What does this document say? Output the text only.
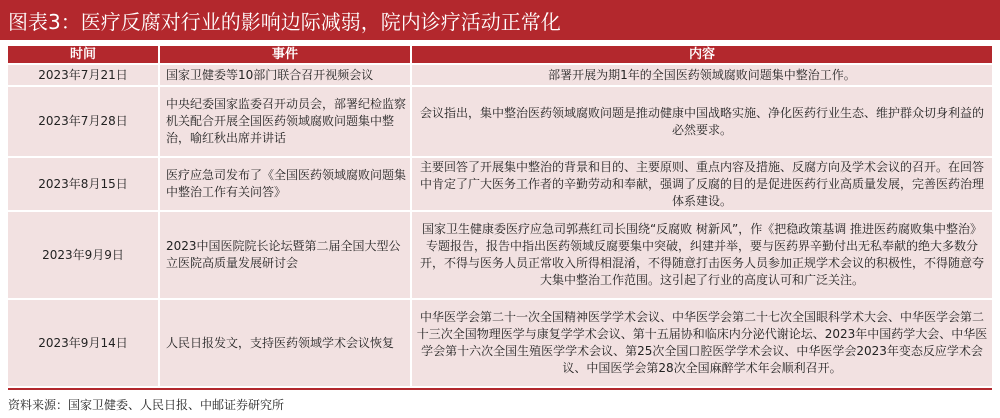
图表3：医疗反腐对行业的影响边际减弱，院内诊疗活动正常化
时间	事件	内容
2023年7月21日	国家卫健委等10部门联合召开视频会议	部署开展为期1年的全国医药领域腐败问题集中整治工作。
2023年7月28日	中央纪委国家监委召开动员会，部署纪检监察机关配合开展全国医药领域腐败问题集中整治，喻红秋出席并讲话	会议指出，集中整治医药领域腐败问题是推动健康中国战略实施、净化医药行业生态、维护群众切身利益的必然要求。
2023年8月15日	医疗应急司发布了《全国医药领域腐败问题集中整治工作有关问答》	主要回答了开展集中整治的背景和目的、主要原则、重点内容及措施、反腐方向及学术会议的召开。在回答中肯定了广大医务工作者的辛勤劳动和奉献，强调了反腐的目的是促进医药行业高质量发展，完善医药治理体系建设。
2023年9月9日	2023中国医院院长论坛暨第二届全国大型公立医院高质量发展研讨会	国家卫生健康委医疗应急司郭燕红司长围绕“反腐败 树新风”，作《把稳政策基调 推进医药腐败集中整治》专题报告，报告中指出医药领域反腐要集中突破，纠建并举，要与医药界辛勤付出无私奉献的绝大多数分开，不得与医务人员正常收入所得相混淆，不得随意打击医务人员参加正规学术会议的积极性，不得随意夸大集中整治工作范围。这引起了行业的高度认可和广泛关注。
2023年9月14日	人民日报发文，支持医药领域学术会议恢复	中华医学会第二十一次全国精神医学学术会议、中华医学会第二十七次全国眼科学术大会、中华医学会第二十三次全国物理医学与康复学学术会议、第十五届协和临床内分泌代谢论坛、2023年中国药学大会、中华医学会第十六次全国生殖医学学术会议、第25次全国口腔医学学术会议、中华医学会2023年变态反应学术会议、中国医学会第28次全国麻醉学术年会顺利召开。
资料来源：国家卫健委、人民日报、中邮证券研究所
